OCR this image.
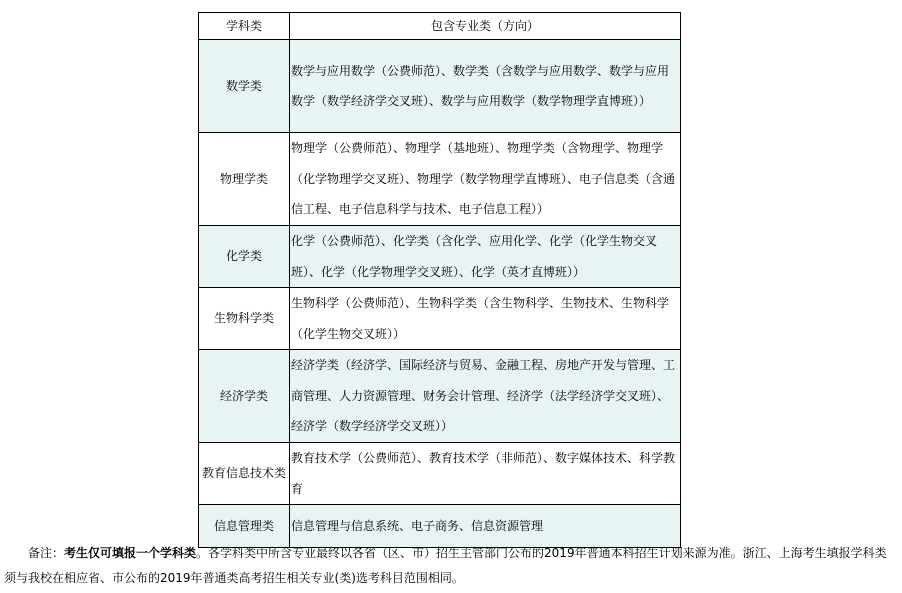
学科类	包含专业类（方向）
数学类	数学与应用数学（公费师范）、数学类（含数学与应用数学、数学与应用数学（数学经济学交叉班）、数学与应用数学（数学物理学直博班））
物理学类	物理学（公费师范）、物理学（基地班）、物理学类（含物理学、物理学（化学物理学交叉班）、物理学（数学物理学直博班）、电子信息类（含通信工程、电子信息科学与技术、电子信息工程））
化学类	化学（公费师范）、化学类（含化学、应用化学、化学（化学生物交叉班）、化学（化学物理学交叉班）、化学（英才直博班））
生物科学类	生物科学（公费师范）、生物科学类（含生物科学、生物技术、生物科学（化学生物交叉班））
经济学类	经济学类（经济学、国际经济与贸易、金融工程、房地产开发与管理、工商管理、人力资源管理、财务会计管理、经济学（法学经济学交叉班）、经济学（数学经济学交叉班））
教育信息技术类	教育技术学（公费师范）、教育技术学（非师范）、数字媒体技术、科学教育
信息管理类	信息管理与信息系统、电子商务、信息资源管理
备注：考生仅可填报一个学科类。各学科类中所含专业最终以各省（区、市）招生主管部门公布的2019年普通本科招生计划来源为准。浙江、上海考生填报学科类须与我校在相应省、市公布的2019年普通类高考招生相关专业(类)选考科目范围相同。
